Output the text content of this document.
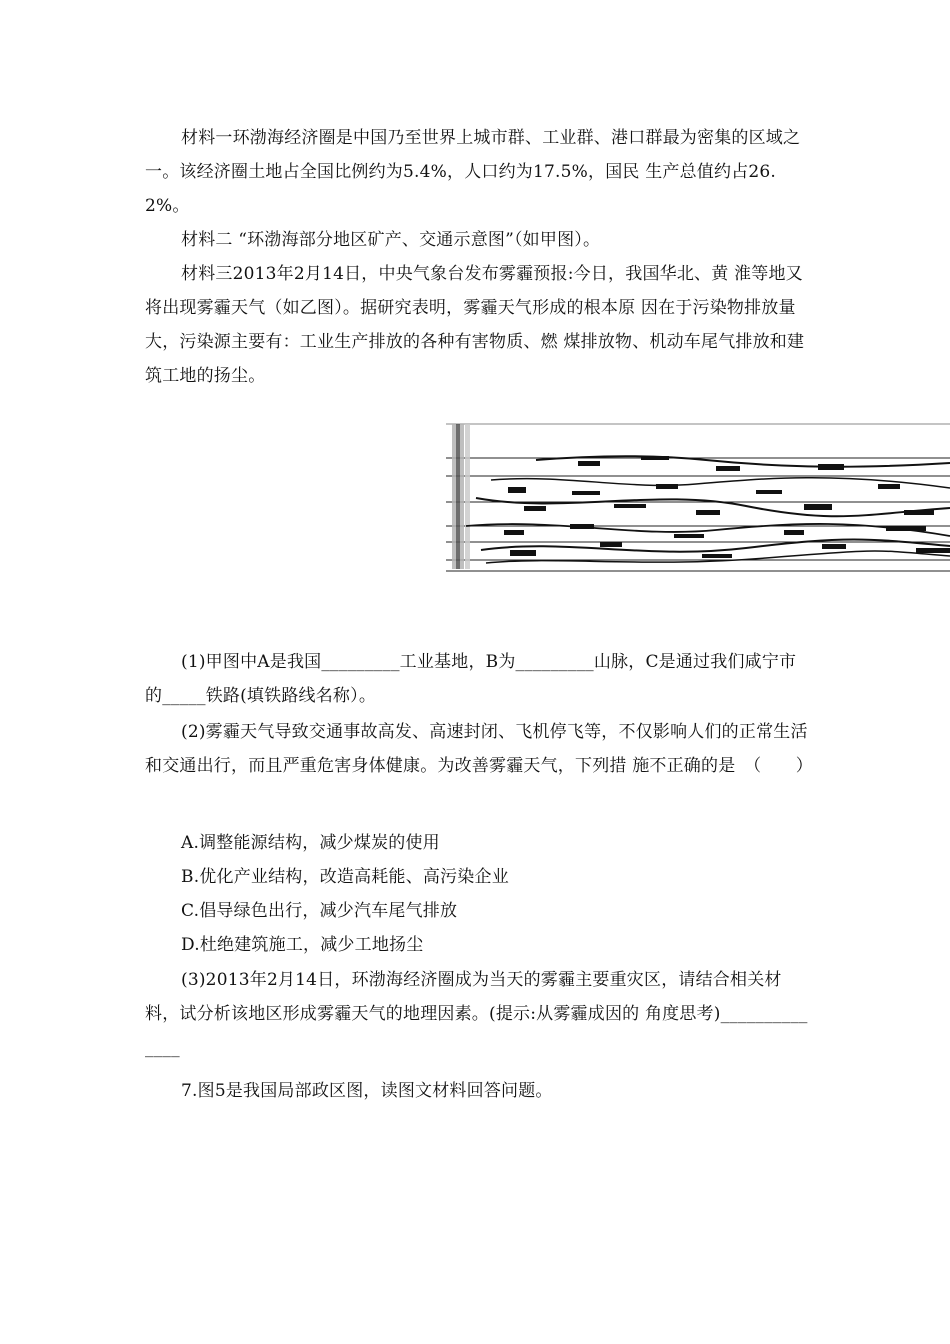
材料一环渤海经济圈是中国乃至世界上城市群、工业群、港口群最为密集的区域之一。该经济圈土地占全国比例约为5.4%，人口约为17.5%，国民 生产总值约占26.2%。
材料二 “环渤海部分地区矿产、交通示意图”（如甲图）。
材料三2013年2月14日，中央气象台发布雾霾预报:今日，我国华北、黄 淮等地又将出现雾霾天气（如乙图）。据研究表明，雾霾天气形成的根本原 因在于污染物排放量大，污染源主要有：工业生产排放的各种有害物质、燃 煤排放物、机动车尾气排放和建筑工地的扬尘。
(1)甲图中A是我国_________工业基地，B为_________山脉，C是通过我们咸宁市的_____铁路(填铁路线名称）。
(2)雾霾天气导致交通事故高发、高速封闭、飞机停飞等，不仅影响人们的正常生活和交通出行，而且严重危害身体健康。为改善雾霾天气，下列措 施不正确的是　（　　）
A.调整能源结构，减少煤炭的使用
B.优化产业结构，改造高耗能、高污染企业
C.倡导绿色出行，减少汽车尾气排放
D.杜绝建筑施工，减少工地扬尘
(3)2013年2月14日，环渤海经济圈成为当天的雾霾主要重灾区，请结合相关材料，试分析该地区形成雾霾天气的地理因素。(提示:从雾霾成因的 角度思考)______________
7.图5是我国局部政区图，读图文材料回答问题。
